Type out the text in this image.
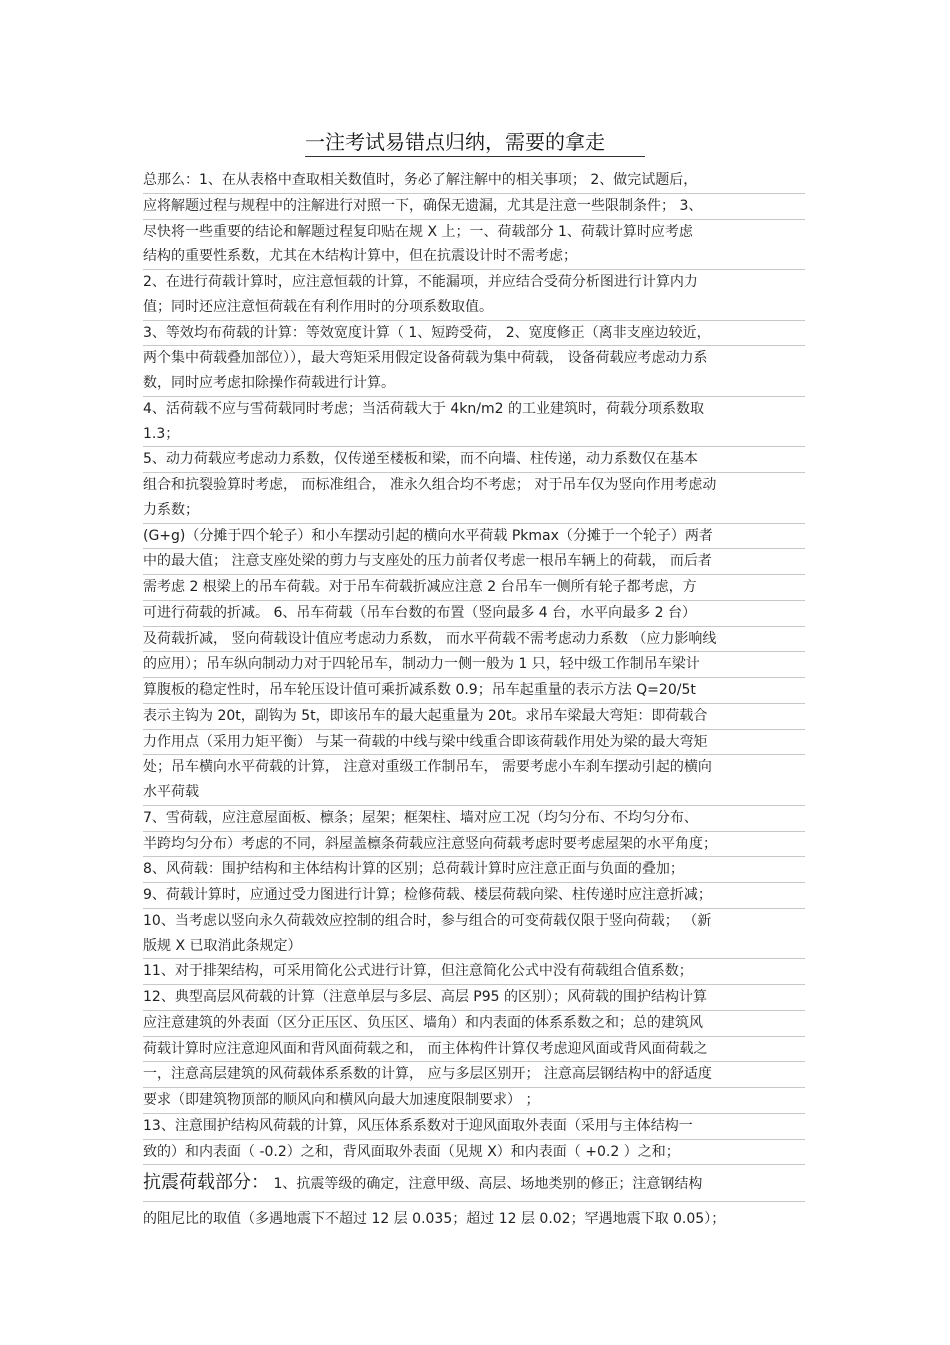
一注考试易错点归纳，需要的拿走
总那么：1、在从表格中查取相关数值时，务必了解注解中的相关事项； 2、做完试题后，
应将解题过程与规程中的注解进行对照一下，确保无遗漏，尤其是注意一些限制条件； 3、
尽快将一些重要的结论和解题过程复印贴在规 X 上；一、荷载部分 1、荷载计算时应考虑
结构的重要性系数，尤其在木结构计算中，但在抗震设计时不需考虑；
2、在进行荷载计算时，应注意恒载的计算，不能漏项，并应结合受荷分析图进行计算内力
值；同时还应注意恒荷载在有利作用时的分项系数取值。
3、等效均布荷载的计算：等效宽度计算（ 1、短跨受荷， 2、宽度修正（离非支座边较近，
两个集中荷载叠加部位）），最大弯矩采用假定设备荷载为集中荷载， 设备荷载应考虑动力系
数，同时应考虑扣除操作荷载进行计算。
4、活荷载不应与雪荷载同时考虑；当活荷载大于 4kn/m2 的工业建筑时，荷载分项系数取
1.3；
5、动力荷载应考虑动力系数，仅传递至楼板和梁，而不向墙、柱传递，动力系数仅在基本
组合和抗裂验算时考虑， 而标准组合， 准永久组合均不考虑； 对于吊车仅为竖向作用考虑动
力系数；
(G+g)（分摊于四个轮子）和小车摆动引起的横向水平荷载 Pkmax（分摊于一个轮子）两者
中的最大值； 注意支座处梁的剪力与支座处的压力前者仅考虑一根吊车辆上的荷载， 而后者
需考虑 2 根梁上的吊车荷载。对于吊车荷载折减应注意 2 台吊车一侧所有轮子都考虑，方
可进行荷载的折减。 6、吊车荷载（吊车台数的布置（竖向最多 4 台，水平向最多 2 台）
及荷载折减， 竖向荷载设计值应考虑动力系数， 而水平荷载不需考虑动力系数 （应力影响线
的应用）；吊车纵向制动力对于四轮吊车，制动力一侧一般为 1 只，轻中级工作制吊车梁计
算腹板的稳定性时，吊车轮压设计值可乘折减系数 0.9；吊车起重量的表示方法 Q=20/5t
表示主钩为 20t，副钩为 5t，即该吊车的最大起重量为 20t。求吊车梁最大弯矩：即荷载合
力作用点（采用力矩平衡） 与某一荷载的中线与梁中线重合即该荷载作用处为梁的最大弯矩
处；吊车横向水平荷载的计算， 注意对重级工作制吊车， 需要考虑小车刹车摆动引起的横向
水平荷载
7、雪荷载，应注意屋面板、檩条；屋架；框架柱、墙对应工况（均匀分布、不均匀分布、
半跨均匀分布）考虑的不同，斜屋盖檩条荷载应注意竖向荷载考虑时要考虑屋架的水平角度；
8、风荷载：围护结构和主体结构计算的区别；总荷载计算时应注意正面与负面的叠加；
9、荷载计算时，应通过受力图进行计算；检修荷载、楼层荷载向梁、柱传递时应注意折减；
10、当考虑以竖向永久荷载效应控制的组合时，参与组合的可变荷载仅限于竖向荷载； （新
版规 X 已取消此条规定）
11、对于排架结构，可采用简化公式进行计算，但注意简化公式中没有荷载组合值系数；
12、典型高层风荷载的计算（注意单层与多层、高层 P95 的区别）；风荷载的围护结构计算
应注意建筑的外表面（区分正压区、负压区、墙角）和内表面的体系系数之和；总的建筑风
荷载计算时应注意迎风面和背风面荷载之和， 而主体构件计算仅考虑迎风面或背风面荷载之
一，注意高层建筑的风荷载体系系数的计算， 应与多层区别开； 注意高层钢结构中的舒适度
要求（即建筑物顶部的顺风向和横风向最大加速度限制要求） ；
13、注意围护结构风荷载的计算，风压体系系数对于迎风面取外表面（采用与主体结构一
致的）和内表面（ -0.2）之和，背风面取外表面（见规 X）和内表面（ +0.2 ）之和；
抗震荷载部分： 1、抗震等级的确定，注意甲级、高层、场地类别的修正；注意钢结构
的阻尼比的取值（多遇地震下不超过 12 层 0.035；超过 12 层 0.02；罕遇地震下取 0.05）；
